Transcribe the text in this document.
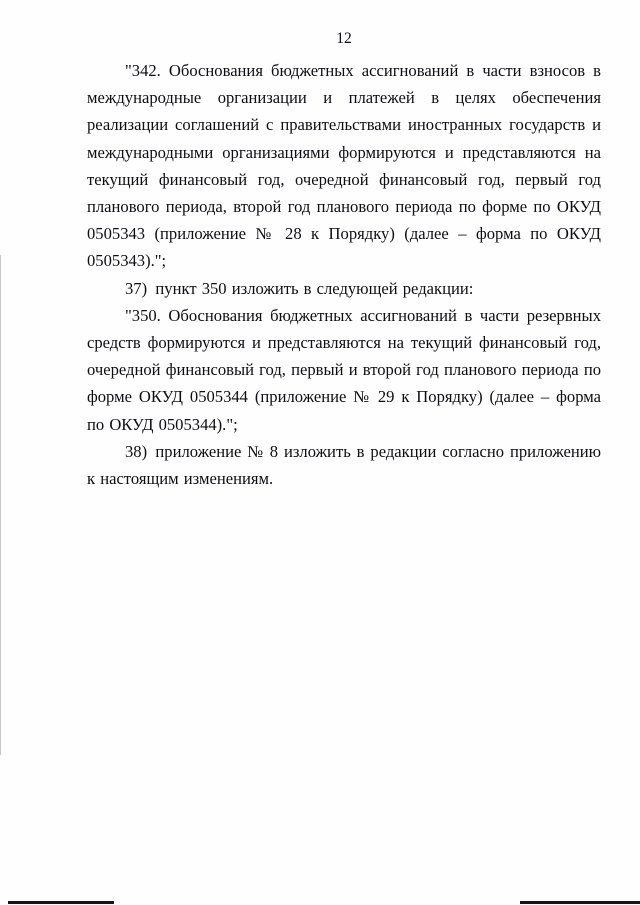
12

"342. Обоснования бюджетных ассигнований в части взносов в международные организации и платежей в целях обеспечения реализации соглашений с правительствами иностранных государств и международными организациями формируются и представляются на текущий финансовый год, очередной финансовый год, первый год планового периода, второй год планового периода по форме по ОКУД 0505343 (приложение № 28 к Порядку) (далее – форма по ОКУД 0505343).";

37) пункт 350 изложить в следующей редакции:

"350. Обоснования бюджетных ассигнований в части резервных средств формируются и представляются на текущий финансовый год, очередной финансовый год, первый и второй год планового периода по форме ОКУД 0505344 (приложение № 29 к Порядку) (далее – форма по ОКУД 0505344).";

38) приложение № 8 изложить в редакции согласно приложению к настоящим изменениям.
